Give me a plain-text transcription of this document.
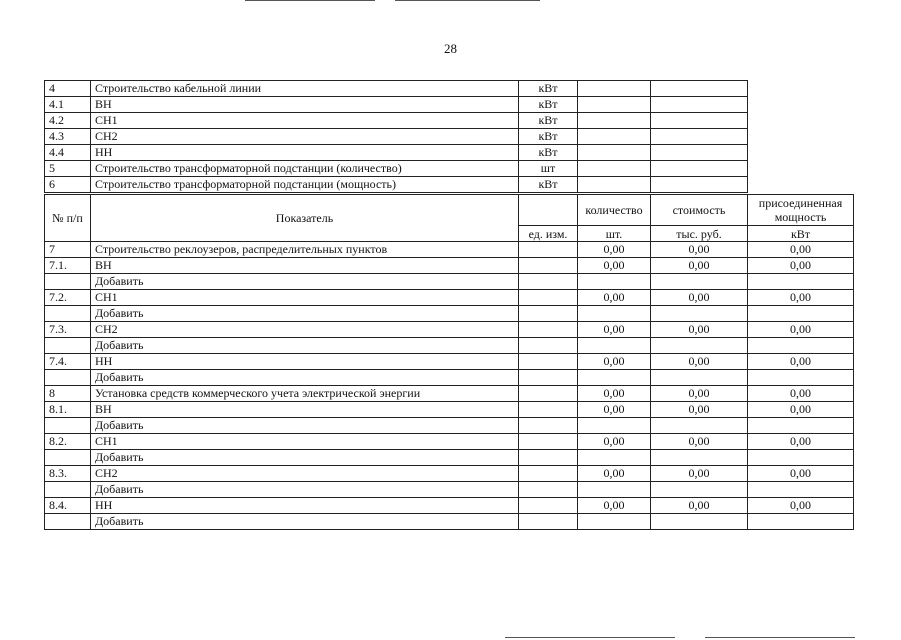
28
4	Строительство кабельной линии	кВт		
4.1	ВН	кВт		
4.2	СН1	кВт		
4.3	СН2	кВт		
4.4	НН	кВт		
5	Строительство трансформаторной подстанции (количество)	шт		
6	Строительство трансформаторной подстанции (мощность)	кВт		
№ п/п	Показатель		количество	стоимость	присоединенная
мощность
		ед. изм.	шт.	тыс. руб.	кВт
7	Строительство реклоузеров, распределительных пунктов		0,00	0,00	0,00
7.1.	ВН		0,00	0,00	0,00
	Добавить				
7.2.	СН1		0,00	0,00	0,00
	Добавить				
7.3.	СН2		0,00	0,00	0,00
	Добавить				
7.4.	НН		0,00	0,00	0,00
	Добавить				
8	Установка средств коммерческого учета электрической энергии		0,00	0,00	0,00
8.1.	ВН		0,00	0,00	0,00
	Добавить				
8.2.	СН1		0,00	0,00	0,00
	Добавить				
8.3.	СН2		0,00	0,00	0,00
	Добавить				
8.4.	НН		0,00	0,00	0,00
	Добавить				
